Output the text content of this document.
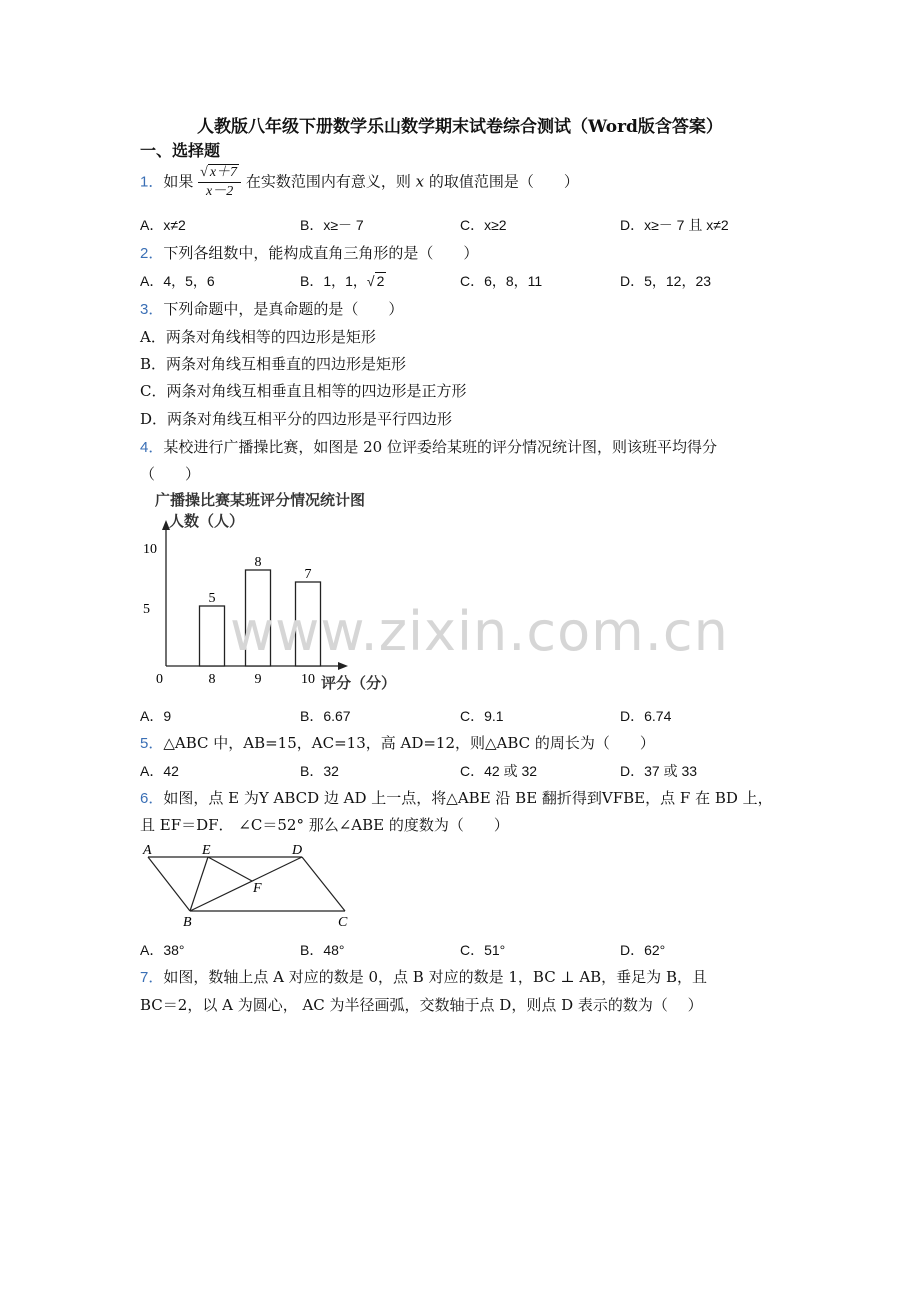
人教版八年级下册数学乐山数学期末试卷综合测试（Word版含答案）
一、选择题
1．如果 $\frac{√ x+7}{x-2}$ 在实数范围内有意义，则 x 的取值范围是（　　）
A．x≠2	B．x≥－ 7	C．x≥2	D．x≥－ 7 且 x≠2
2．下列各组数中，能构成直角三角形的是（　　）
A．4，5，6	B．1，1，√ 2	C．6，8，11	D．5，12，23
3．下列命题中，是真命题的是（　　）
A．两条对角线相等的四边形是矩形
B．两条对角线互相垂直的四边形是矩形
C．两条对角线互相垂直且相等的四边形是正方形
D．两条对角线互相平分的四边形是平行四边形
4．某校进行广播操比赛，如图是 20 位评委给某班的评分情况统计图，则该班平均得分
（　　）
广播操比赛某班评分情况统计图
人数（人）
评分（分）
0
5
10
5
8
8
9
7
10
A．9	B．6.67	C．9.1	D．6.74
5．△ABC 中，AB=15，AC=13，高 AD=12，则△ABC 的周长为（　　）
A．42	B．32	C．42 或 32	D．37 或 33
6．如图，点 E 为Y ABCD 边 AD 上一点，将△ABE 沿 BE 翻折得到VFBE，点 F 在 BD 上，
且 EF＝DF． ∠C＝52° 那么∠ABE 的度数为（　　）
A	E	D
F
B	C
A．38°	B．48°	C．51°	D．62°
7．如图，数轴上点 A 对应的数是 0，点 B 对应的数是 1，BC ⊥ AB，垂足为 B，且
BC＝2，以 A 为圆心， AC 为半径画弧，交数轴于点 D，则点 D 表示的数为（　 ）
www.zixin.com.cn
